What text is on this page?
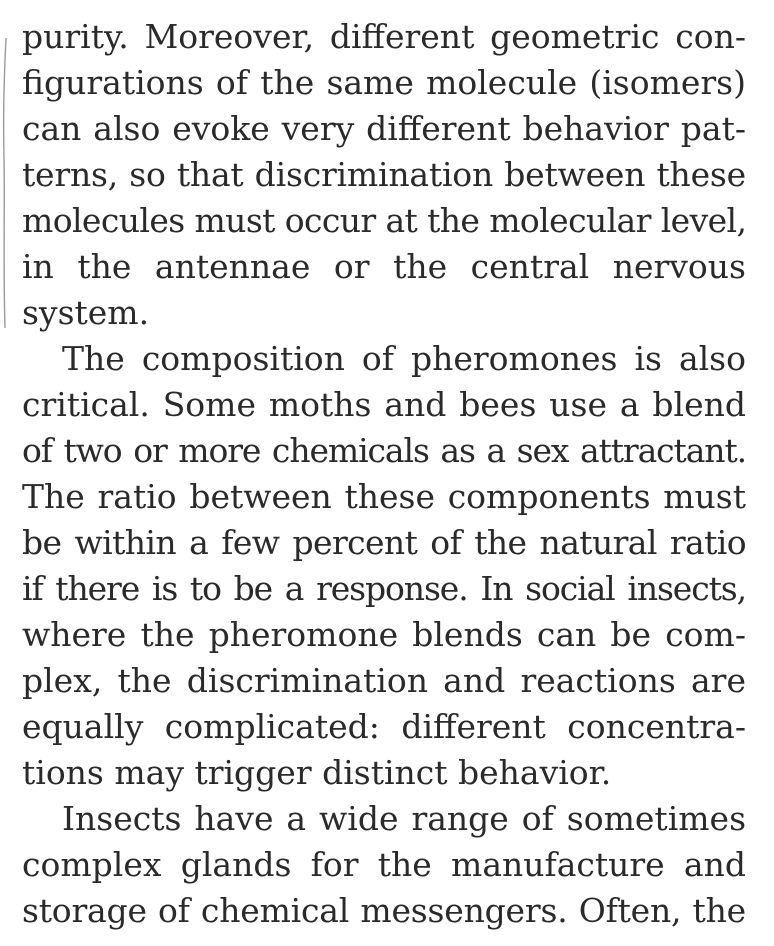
purity. Moreover, different geometric con-
figurations of the same molecule (isomers)
can also evoke very different behavior pat-
terns, so that discrimination between these
molecules must occur at the molecular level,
in the antennae or the central nervous
system.
The composition of pheromones is also
critical. Some moths and bees use a blend
of two or more chemicals as a sex attractant.
The ratio between these components must
be within a few percent of the natural ratio
if there is to be a response. In social insects,
where the pheromone blends can be com-
plex, the discrimination and reactions are
equally complicated: different concentra-
tions may trigger distinct behavior.
Insects have a wide range of sometimes
complex glands for the manufacture and
storage of chemical messengers. Often, the
